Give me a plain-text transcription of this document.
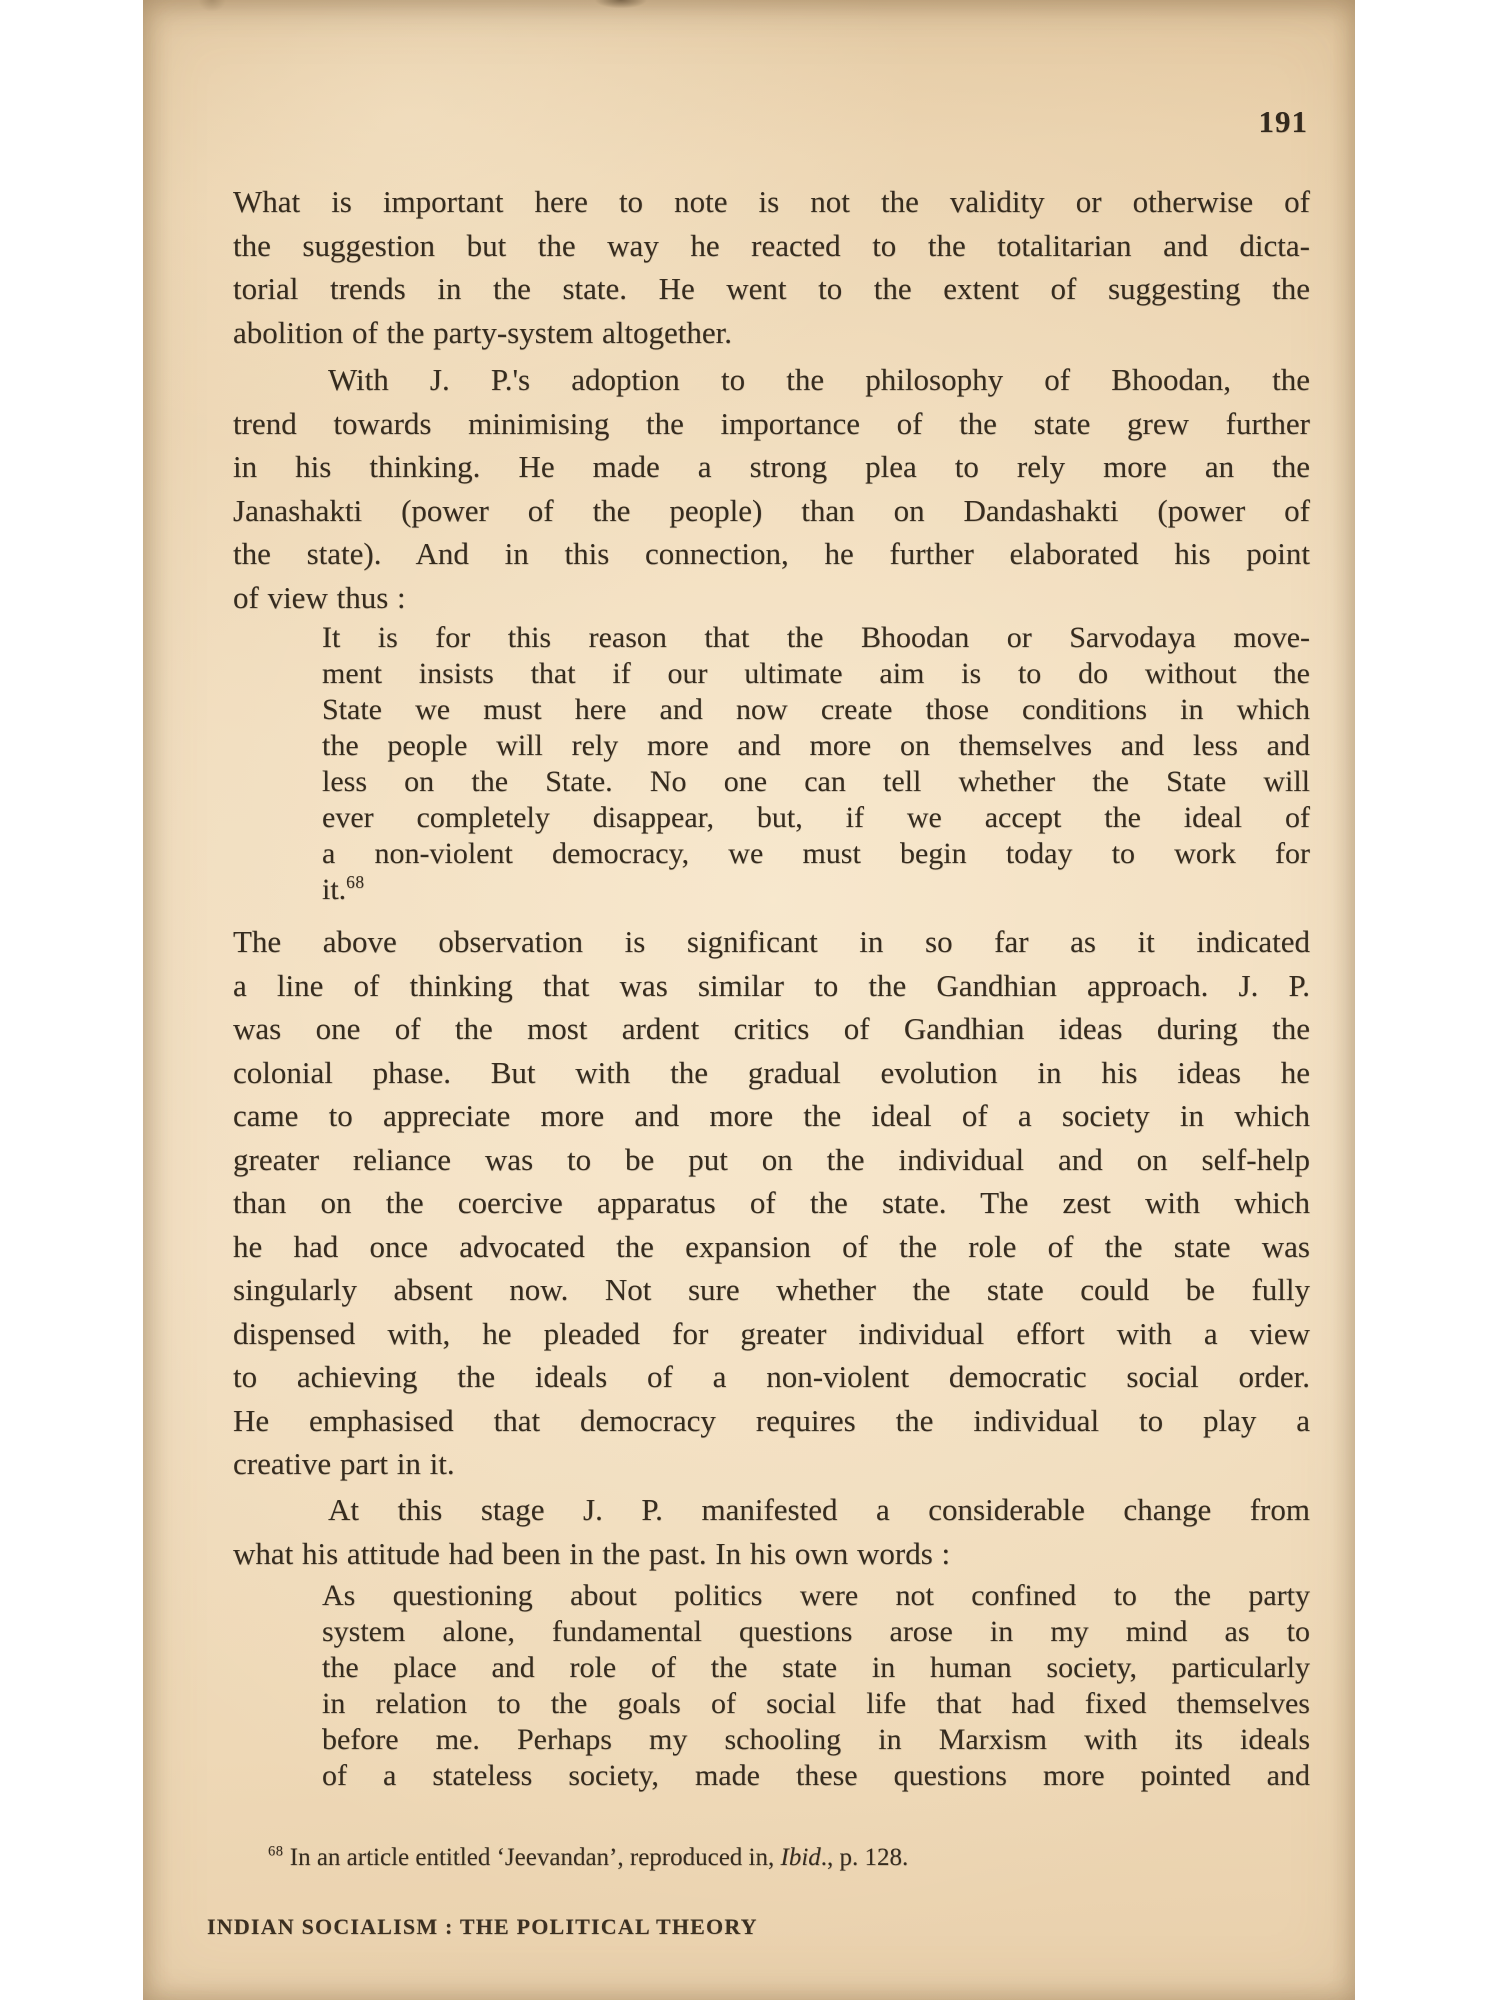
191
What is important here to note is not the validity or otherwise of
the suggestion but the way he reacted to the totalitarian and dicta-
torial trends in the state. He went to the extent of suggesting the
abolition of the party-system altogether.
With J. P.'s adoption to the philosophy of Bhoodan, the
trend towards minimising the importance of the state grew further
in his thinking. He made a strong plea to rely more an the
Janashakti (power of the people) than on Dandashakti (power of
the state). And in this connection, he further elaborated his point
of view thus :
It is for this reason that the Bhoodan or Sarvodaya move-
ment insists that if our ultimate aim is to do without the
State we must here and now create those conditions in which
the people will rely more and more on themselves and less and
less on the State. No one can tell whether the State will
ever completely disappear, but, if we accept the ideal of
a non-violent democracy, we must begin today to work for
it.$^{68}$
The above observation is significant in so far as it indicated
a line of thinking that was similar to the Gandhian approach. J. P.
was one of the most ardent critics of Gandhian ideas during the
colonial phase. But with the gradual evolution in his ideas he
came to appreciate more and more the ideal of a society in which
greater reliance was to be put on the individual and on self-help
than on the coercive apparatus of the state. The zest with which
he had once advocated the expansion of the role of the state was
singularly absent now. Not sure whether the state could be fully
dispensed with, he pleaded for greater individual effort with a view
to achieving the ideals of a non-violent democratic social order.
He emphasised that democracy requires the individual to play a
creative part in it.
At this stage J. P. manifested a considerable change from
what his attitude had been in the past. In his own words :
As questioning about politics were not confined to the party
system alone, fundamental questions arose in my mind as to
the place and role of the state in human society, particularly
in relation to the goals of social life that had fixed themselves
before me. Perhaps my schooling in Marxism with its ideals
of a stateless society, made these questions more pointed and
$^{68}$ In an article entitled ‘Jeevandan’, reproduced in, Ibid., p. 128.
INDIAN SOCIALISM : THE POLITICAL THEORY
